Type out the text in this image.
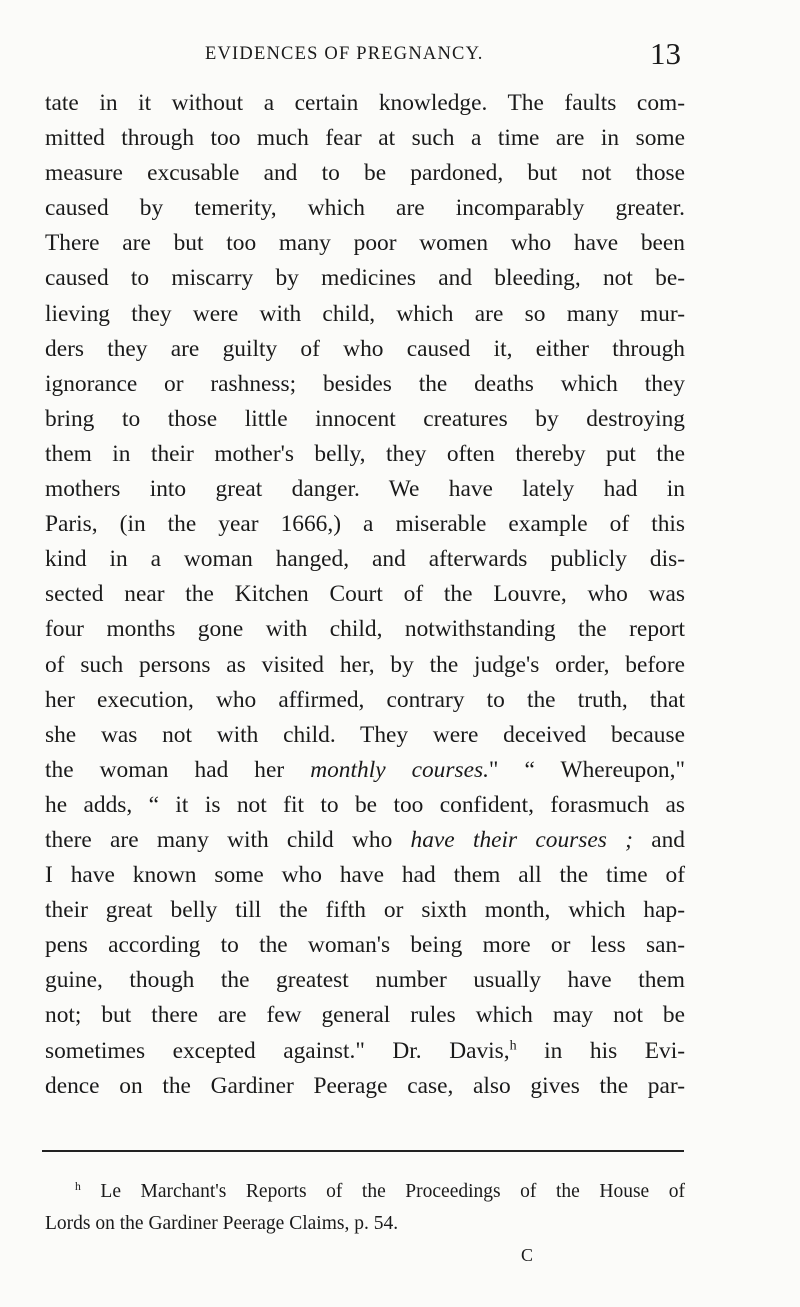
EVIDENCES OF PREGNANCY.	13
tate in it without a certain knowledge. The faults com-
mitted through too much fear at such a time are in some
measure excusable and to be pardoned, but not those
caused by temerity, which are incomparably greater.
There are but too many poor women who have been
caused to miscarry by medicines and bleeding, not be-
lieving they were with child, which are so many mur-
ders they are guilty of who caused it, either through
ignorance or rashness; besides the deaths which they
bring to those little innocent creatures by destroying
them in their mother's belly, they often thereby put the
mothers into great danger. We have lately had in
Paris, (in the year 1666,) a miserable example of this
kind in a woman hanged, and afterwards publicly dis-
sected near the Kitchen Court of the Louvre, who was
four months gone with child, notwithstanding the report
of such persons as visited her, by the judge's order, before
her execution, who affirmed, contrary to the truth, that
she was not with child. They were deceived because
the woman had her monthly courses." “ Whereupon,"
he adds, “ it is not fit to be too confident, forasmuch as
there are many with child who have their courses ; and
I have known some who have had them all the time of
their great belly till the fifth or sixth month, which hap-
pens according to the woman's being more or less san-
guine, though the greatest number usually have them
not; but there are few general rules which may not be
sometimes excepted against." Dr. Davis,$^h$ in his Evi-
dence on the Gardiner Peerage case, also gives the par-
$^h$ Le Marchant's Reports of the Proceedings of the House of
Lords on the Gardiner Peerage Claims, p. 54.
C
